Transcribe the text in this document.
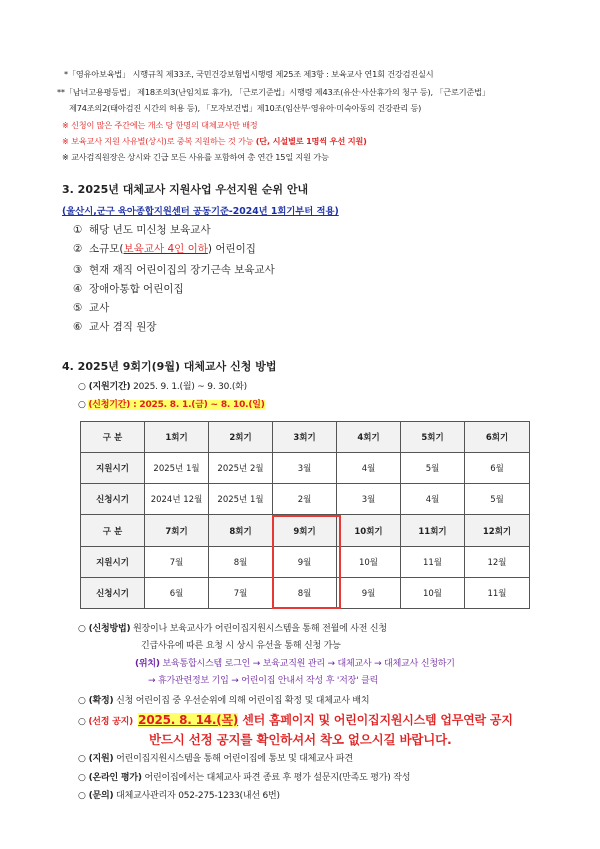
*「영유아보육법」 시행규칙 제33조, 국민건강보험법시행령 제25조 제3항 : 보육교사 연1회 건강검진실시
**「남녀고용평등법」 제18조의3(난임치료 휴가), 「근로기준법」시행령 제43조(유산·사산휴가의 청구 등), 「근로기준법」
제74조의2(태아검진 시간의 허용 등), 「모자보건법」제10조(임산부·영유아·미숙아동의 건강관리 등)
※ 신청이 많은 주간에는 개소 당 한명의 대체교사만 배정
※ 보육교사 지원 사유별(상시)로 중복 지원하는 것 가능 (단, 시설별로 1명씩 우선 지원)
※ 교사검직원장은 상시와 긴급 모든 사유를 포함하여 총 연간 15일 지원 가능
3. 2025년 대체교사 지원사업 우선지원 순위 안내
(울산시,군구 육아종합지원센터 공동기준-2024년 1회기부터 적용)
① 해당 년도 미신청 보육교사
② 소규모(보육교사 4인 이하) 어린이집
③ 현재 재직 어린이집의 장기근속 보육교사
④ 장애아통합 어린이집
⑤ 교사
⑥ 교사 겸직 원장
4. 2025년 9회기(9월) 대체교사 신청 방법
○ (지원기간) 2025. 9. 1.(월) ~ 9. 30.(화)
○ (신청기간) : 2025. 8. 1.(금) ~ 8. 10.(일)
구 분	1회기	2회기	3회기	4회기	5회기	6회기
지원시기	2025년 1월	2025년 2월	3월	4월	5월	6월
신청시기	2024년 12월	2025년 1월	2월	3월	4월	5월
구 분	7회기	8회기	9회기	10회기	11회기	12회기
지원시기	7월	8월	9월	10월	11월	12월
신청시기	6월	7월	8월	9월	10월	11월
○ (신청방법) 원장이나 보육교사가 어린이집지원시스템을 통해 전월에 사전 신청
긴급사유에 따른 요청 시 상시 유선을 통해 신청 가능
(위치) 보육통합시스템 로그인 → 보육교직원 관리 → 대체교사 → 대체교사 신청하기
→ 휴가관련정보 기입 → 어린이집 안내서 작성 후 '저장' 클릭
○ (확정) 신청 어린이집 중 우선순위에 의해 어린이집 확정 및 대체교사 배치
○ (선정 공지) 2025. 8. 14.(목) 센터 홈페이지 및 어린이집지원시스템 업무연락 공지
반드시 선정 공지를 확인하셔서 착오 없으시길 바랍니다.
○ (지원) 어린이집지원시스템을 통해 어린이집에 통보 및 대체교사 파견
○ (온라인 평가) 어린이집에서는 대체교사 파견 종료 후 평가 설문지(만족도 평가) 작성
○ (문의) 대체교사관리자 052-275-1233(내선 6번)
